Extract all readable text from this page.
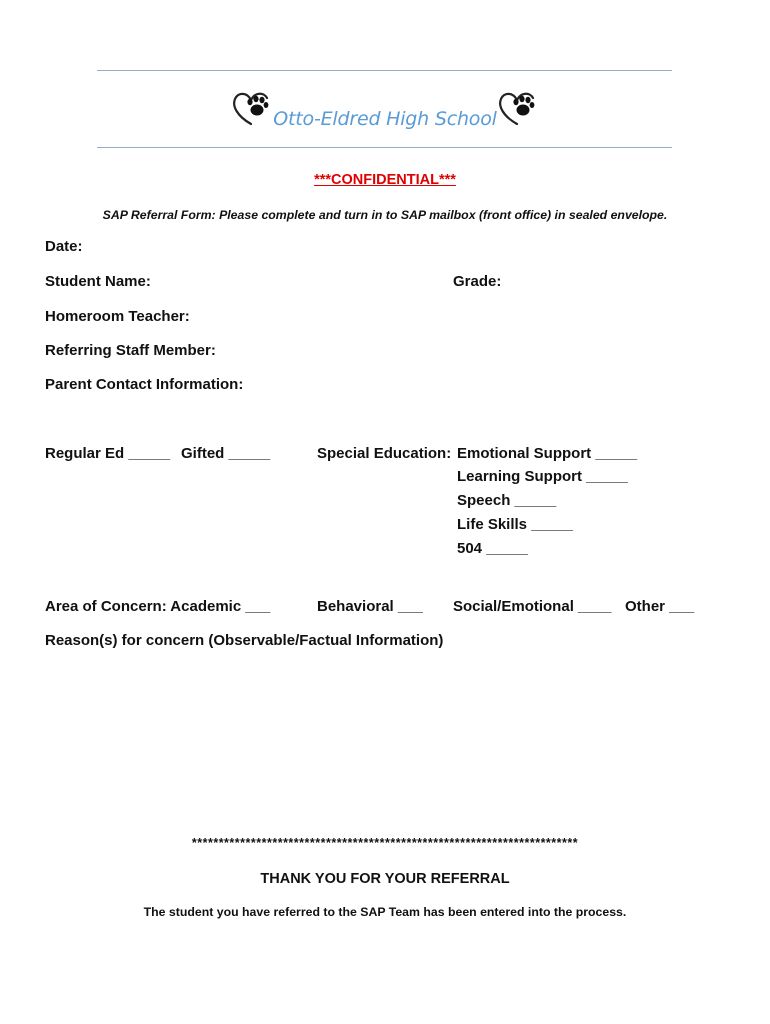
Otto-Eldred High School
***CONFIDENTIAL***
SAP Referral Form: Please complete and turn in to SAP mailbox (front office) in sealed envelope.
Date:
Student Name:	Grade:
Homeroom Teacher:
Referring Staff Member:
Parent Contact Information:
Regular Ed _____ Gifted _____	Special Education: Emotional Support _____
Learning Support _____
Speech _____
Life Skills _____
504 _____
Area of Concern: Academic ___	Behavioral ___ Social/Emotional ____ Other ___
Reason(s) for concern (Observable/Factual Information)
************************************************************************
THANK YOU FOR YOUR REFERRAL
The student you have referred to the SAP Team has been entered into the process.
